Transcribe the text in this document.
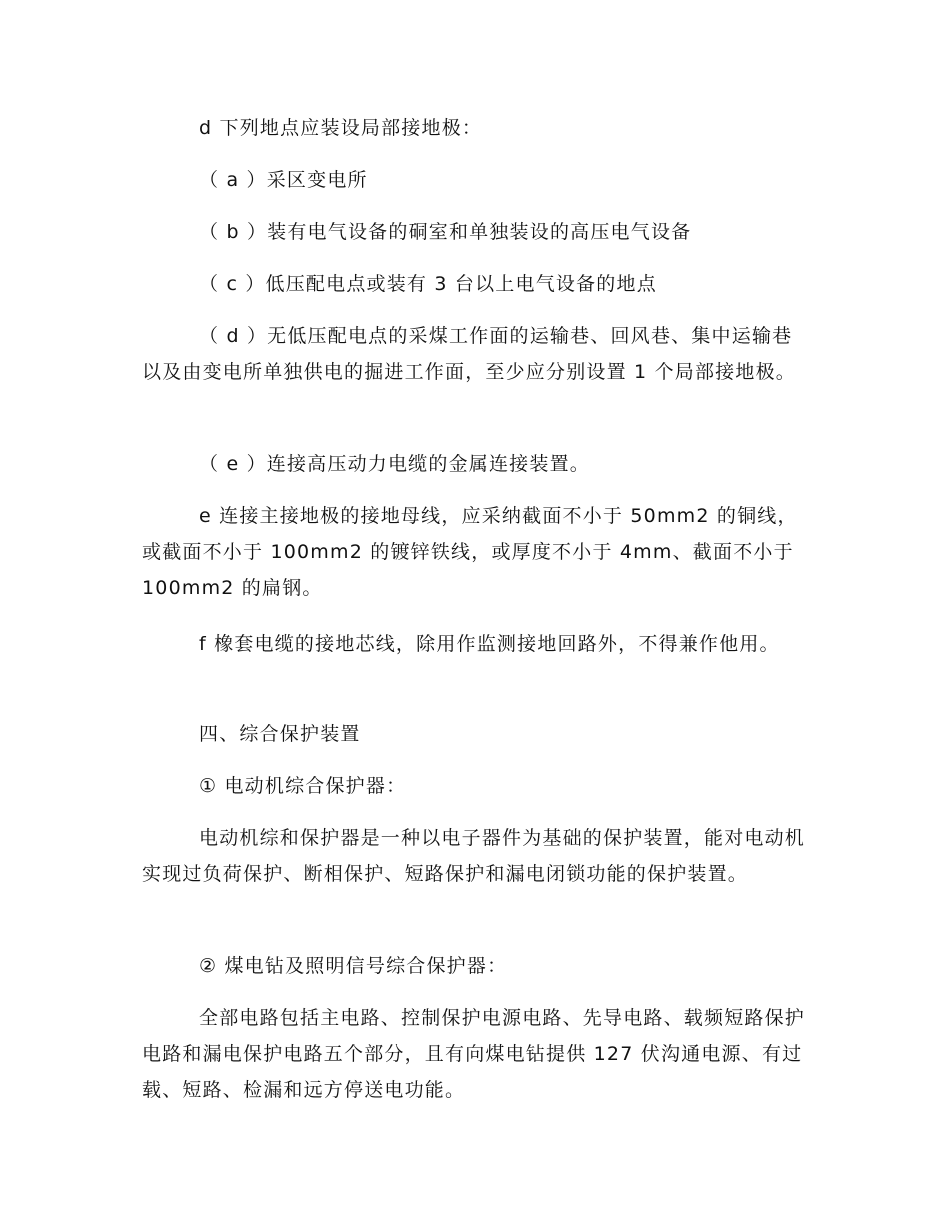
d 下列地点应装设局部接地极：

（ a ）采区变电所

（ b ）装有电气设备的硐室和单独装设的高压电气设备

（ c ）低压配电点或装有 3 台以上电气设备的地点

（ d ）无低压配电点的采煤工作面的运输巷、回风巷、集中运输巷以及由变电所单独供电的掘进工作面，至少应分别设置 1 个局部接地极。

（ e ）连接高压动力电缆的金属连接装置。

e 连接主接地极的接地母线，应采纳截面不小于 50mm2 的铜线，或截面不小于 100mm2 的镀锌铁线，或厚度不小于 4mm、截面不小于 100mm2 的扁钢。

f 橡套电缆的接地芯线，除用作监测接地回路外，不得兼作他用。

四、综合保护装置

① 电动机综合保护器：

电动机综和保护器是一种以电子器件为基础的保护装置，能对电动机实现过负荷保护、断相保护、短路保护和漏电闭锁功能的保护装置。

② 煤电钻及照明信号综合保护器：

全部电路包括主电路、控制保护电源电路、先导电路、载频短路保护电路和漏电保护电路五个部分，且有向煤电钻提供 127 伏沟通电源、有过载、短路、检漏和远方停送电功能。
